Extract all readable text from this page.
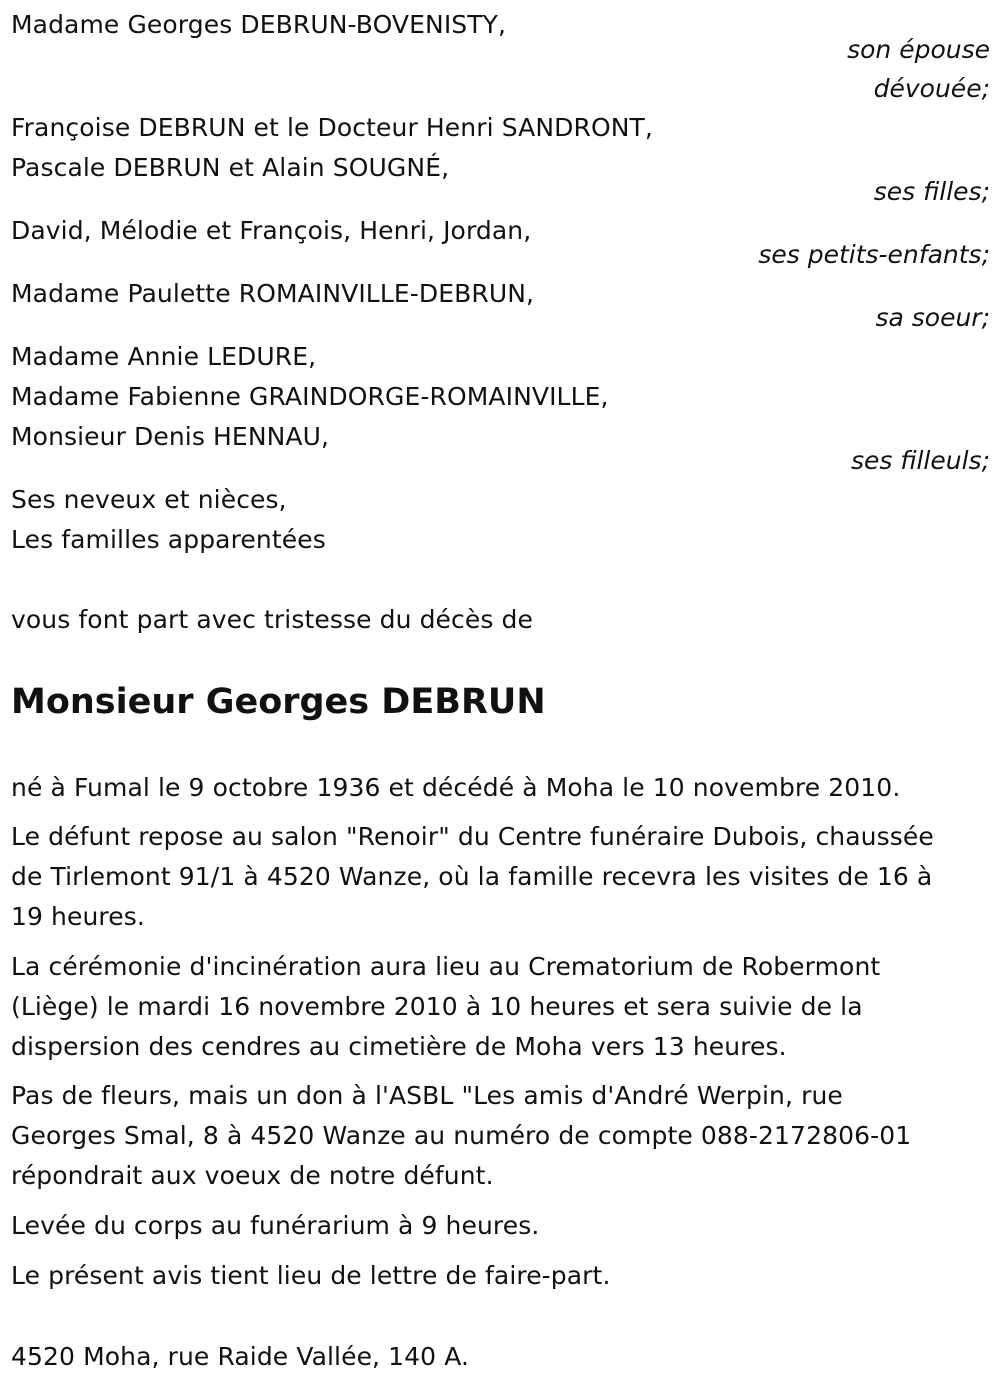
Madame Georges DEBRUN-BOVENISTY,
son épouse
dévouée;
Françoise DEBRUN et le Docteur Henri SANDRONT,
Pascale DEBRUN et Alain SOUGNÉ,
ses filles;
David, Mélodie et François, Henri, Jordan,
ses petits-enfants;
Madame Paulette ROMAINVILLE-DEBRUN,
sa soeur;
Madame Annie LEDURE,
Madame Fabienne GRAINDORGE-ROMAINVILLE,
Monsieur Denis HENNAU,
ses filleuls;
Ses neveux et nièces,
Les familles apparentées
vous font part avec tristesse du décès de
Monsieur Georges DEBRUN
né à Fumal le 9 octobre 1936 et décédé à Moha le 10 novembre 2010.
Le défunt repose au salon "Renoir" du Centre funéraire Dubois, chaussée
de Tirlemont 91/1 à 4520 Wanze, où la famille recevra les visites de 16 à
19 heures.
La cérémonie d'incinération aura lieu au Crematorium de Robermont
(Liège) le mardi 16 novembre 2010 à 10 heures et sera suivie de la
dispersion des cendres au cimetière de Moha vers 13 heures.
Pas de fleurs, mais un don à l'ASBL "Les amis d'André Werpin, rue
Georges Smal, 8 à 4520 Wanze au numéro de compte 088-2172806-01
répondrait aux voeux de notre défunt.
Levée du corps au funérarium à 9 heures.
Le présent avis tient lieu de lettre de faire-part.
4520 Moha, rue Raide Vallée, 140 A.
